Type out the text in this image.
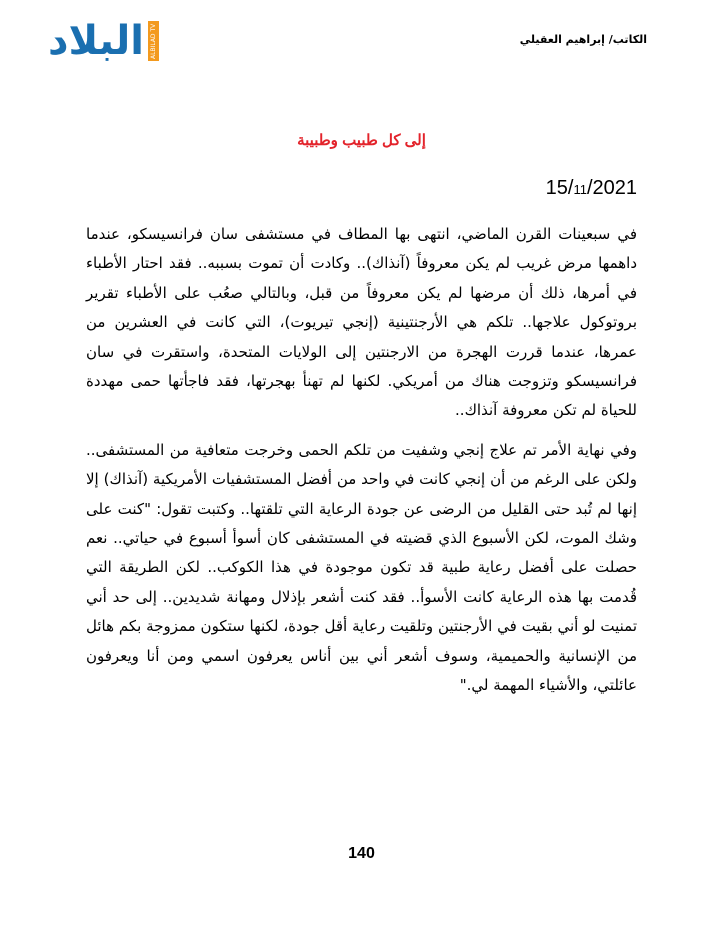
البلاد	ALBILAD TV	الكاتب/ إبراهيم العقيلي
إلى كل طبيب وطبيبة
15/11/2021

في سبعينات القرن الماضي، انتهى بها المطاف في مستشفى سان فرانسيسكو، عندما داهمها مرض غريب لم يكن معروفاً (آنذاك).. وكادت أن تموت بسببه.. فقد احتار الأطباء في أمرها، ذلك أن مرضها لم يكن معروفاً من قبل، وبالتالي صعُب على الأطباء تقرير بروتوكول علاجها.. تلكم هي الأرجنتينية (إنجي تيريوت)، التي كانت في العشرين من عمرها، عندما قررت الهجرة من الارجنتين إلى الولايات المتحدة، واستقرت في سان فرانسيسكو وتزوجت هناك من أمريكي. لكنها لم تهنأ بهجرتها، فقد فاجأتها حمى مهددة للحياة لم تكن معروفة آنذاك..

وفي نهاية الأمر تم علاج إنجي وشفيت من تلكم الحمى وخرجت متعافية من المستشفى.. ولكن على الرغم من أن إنجي كانت في واحد من أفضل المستشفيات الأمريكية (آنذاك) إلا إنها لم تُبد حتى القليل من الرضى عن جودة الرعاية التي تلقتها.. وكتبت تقول: "كنت على وشك الموت، لكن الأسبوع الذي قضيته في المستشفى كان أسوأ أسبوع في حياتي.. نعم حصلت على أفضل رعاية طبية قد تكون موجودة في هذا الكوكب.. لكن الطريقة التي قُدمت بها هذه الرعاية كانت الأسوأ.. فقد كنت أشعر بإذلال ومهانة شديدين.. إلى حد أني تمنيت لو أني بقيت في الأرجنتين وتلقيت رعاية أقل جودة، لكنها ستكون ممزوجة بكم هائل من الإنسانية والحميمية، وسوف أشعر أني بين أناس يعرفون اسمي ومن أنا ويعرفون عائلتي، والأشياء المهمة لي."

140
